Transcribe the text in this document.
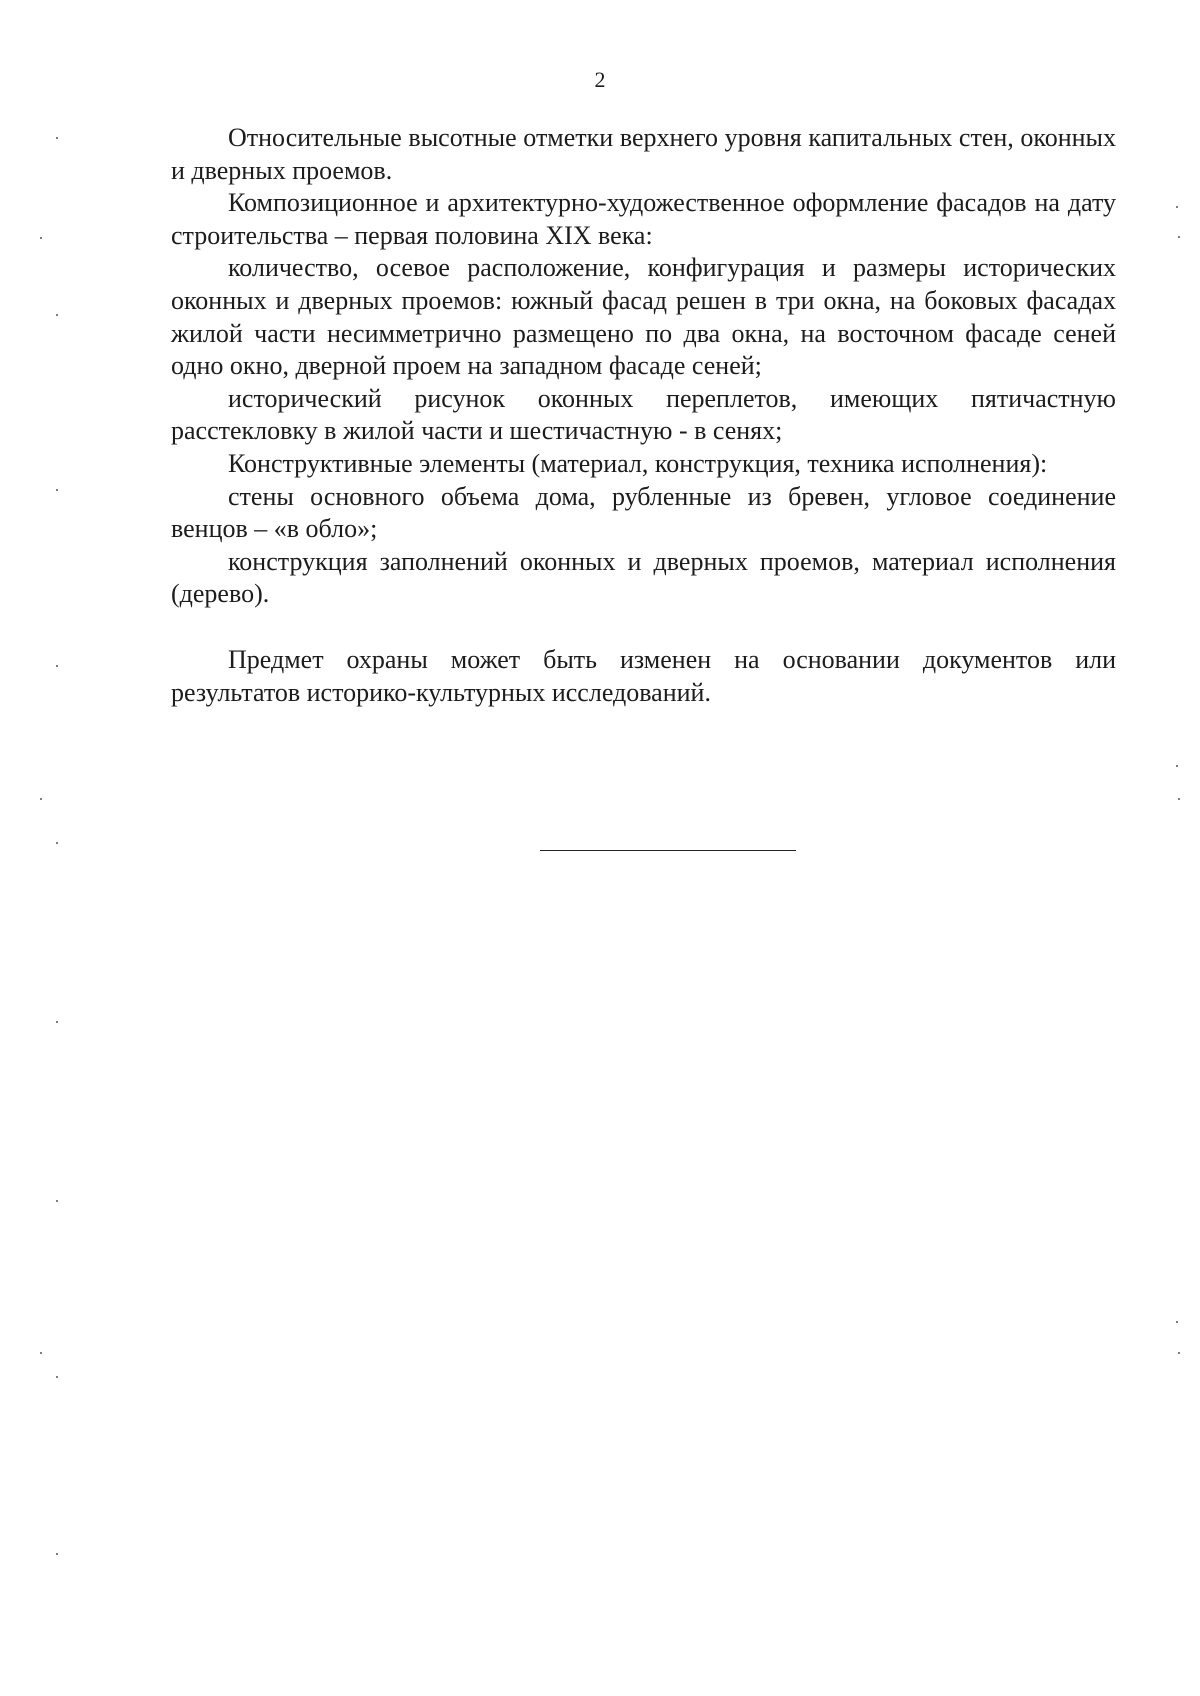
2

Относительные высотные отметки верхнего уровня капитальных стен, оконных и дверных проемов.

Композиционное и архитектурно-художественное оформление фасадов на дату строительства – первая половина XIX века:

количество, осевое расположение, конфигурация и размеры исторических оконных и дверных проемов: южный фасад решен в три окна, на боковых фасадах жилой части несимметрично размещено по два окна, на восточном фасаде сеней одно окно, дверной проем на западном фасаде сеней;

исторический рисунок оконных переплетов, имеющих пятичастную расстекловку в жилой части и шестичастную - в сенях;

Конструктивные элементы (материал, конструкция, техника исполнения):

стены основного объема дома, рубленные из бревен, угловое соединение венцов – «в обло»;

конструкция заполнений оконных и дверных проемов, материал исполнения (дерево).

Предмет охраны может быть изменен на основании документов или результатов историко-культурных исследований.
